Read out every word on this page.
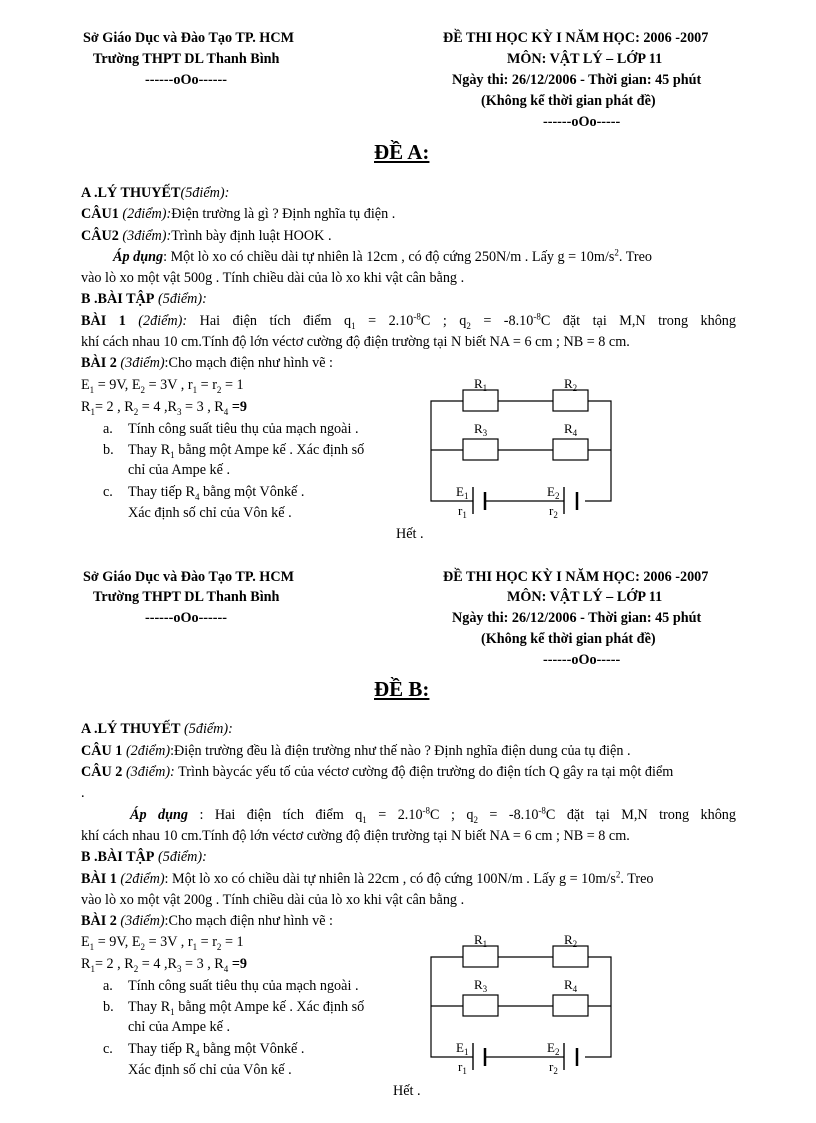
Sở Giáo Dục và Đào Tạo TP. HCM
Trường THPT DL Thanh Bình
------oOo------
ĐỀ THI HỌC KỲ I NĂM HỌC: 2006 -2007
MÔN: VẬT LÝ – LỚP 11
Ngày thi: 26/12/2006 - Thời gian: 45 phút
(Không kể thời gian phát đề)
------oOo-----
ĐỀ A:
A .LÝ THUYẾT(5điểm):
CÂU1 (2điểm):Điện trường là gì ? Định nghĩa tụ điện .
CÂU2 (3điểm):Trình bày định luật HOOK .
Áp dụng: Một lò xo có chiều dài tự nhiên là 12cm , có độ cứng 250N/m . Lấy $g = 10m/s^2$. Treo
vào lò xo một vật 500g . Tính chiều dài của lò xo khi vật cân bằng .
B .BÀI TẬP (5điểm):
BÀI 1 (2điểm): Hai điện tích điểm $q_1 = 2.10^{-8}C$ ; $q_2 = -8.10^{-8}C$ đặt tại M,N trong không
khí cách nhau 10 cm.Tính độ lớn véctơ cường độ điện trường tại N biết NA = 6 cm ; NB = 8 cm.
BÀI 2 (3điểm):Cho mạch điện như hình vẽ :
$E_1 = 9V$, $E_2 = 3V$ , $r_1 = r_2 = 1$
$R_1= 2$ , $R_2 = 4$ $,R_3 = 3$ , $R_4 =9$
a. Tính công suất tiêu thụ của mạch ngoài .
b. Thay $R_1$ bằng một Ampe kế . Xác định số
chỉ của Ampe kế .
c. Thay tiếp $R_4$ bằng một Vônkế .
Xác định số chỉ của Vôn kế .
$R_1$	$R_2$
$R_3$	$R_4$
$E_1$	$E_2$
$r_1$	$r_2$
Hết .
Sở Giáo Dục và Đào Tạo TP. HCM
Trường THPT DL Thanh Bình
------oOo------
ĐỀ THI HỌC KỲ I NĂM HỌC: 2006 -2007
MÔN: VẬT LÝ – LỚP 11
Ngày thi: 26/12/2006 - Thời gian: 45 phút
(Không kể thời gian phát đề)
------oOo-----
ĐỀ B:
A .LÝ THUYẾT (5điểm):
CÂU 1 (2điểm):Điện trường đều là điện trường như thế nào ? Định nghĩa điện dung của tụ điện .
CÂU 2 (3điểm): Trình bàycác yếu tố của véctơ cường độ điện trường do điện tích Q gây ra tại một điểm
.
Áp dụng : Hai điện tích điểm $q_1 = 2.10^{-8}C$ ; $q_2 = -8.10^{-8}C$ đặt tại M,N trong không
khí cách nhau 10 cm.Tính độ lớn véctơ cường độ điện trường tại N biết NA = 6 cm ; NB = 8 cm.
B .BÀI TẬP (5điểm):
BÀI 1 (2điểm): Một lò xo có chiều dài tự nhiên là 22cm , có độ cứng 100N/m . Lấy $g = 10m/s^2$. Treo
vào lò xo một vật 200g . Tính chiều dài của lò xo khi vật cân bằng .
BÀI 2 (3điểm):Cho mạch điện như hình vẽ :
$E_1 = 9V$, $E_2 = 3V$ , $r_1 = r_2 = 1$
$R_1= 2$ , $R_2 = 4$ $,R_3 = 3$ , $R_4 =9$
a. Tính công suất tiêu thụ của mạch ngoài .
b. Thay $R_1$ bằng một Ampe kế . Xác định số
chỉ của Ampe kế .
c. Thay tiếp $R_4$ bằng một Vônkế .
Xác định số chỉ của Vôn kế .
$R_1$	$R_2$
$R_3$	$R_4$
$E_1$	$E_2$
$r_1$	$r_2$
Hết .
